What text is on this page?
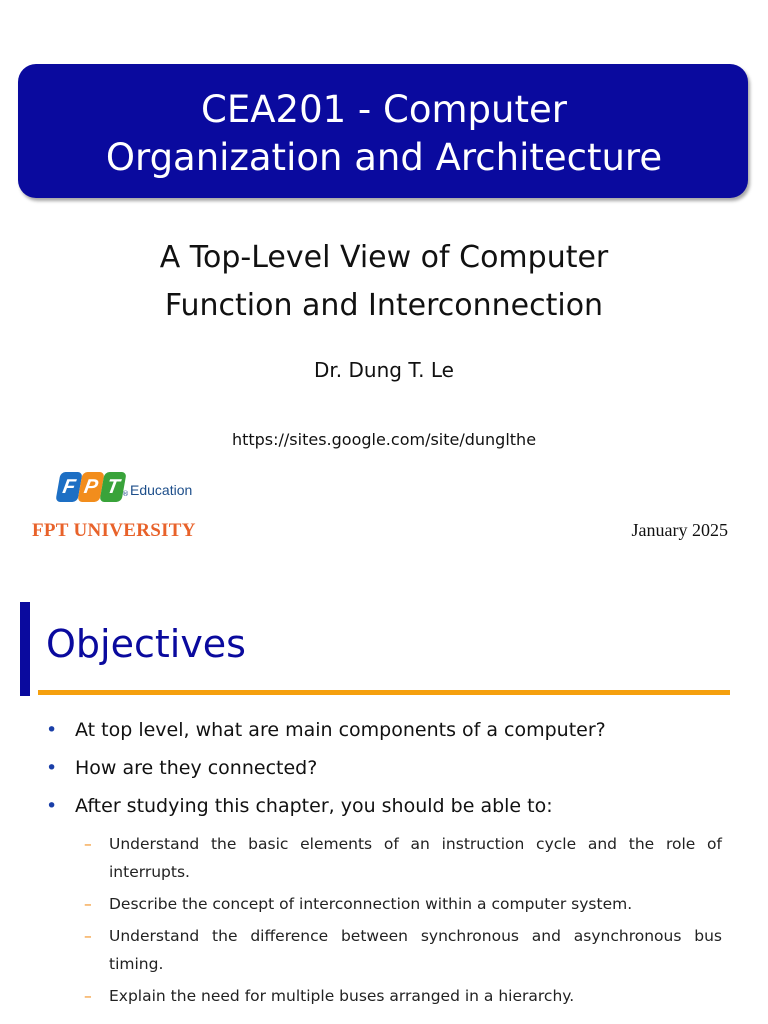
CEA201 - Computer
Organization and Architecture
A Top-Level View of Computer
Function and Interconnection
Dr. Dung T. Le
https://sites.google.com/site/dunglthe
F P T ® Education
FPT UNIVERSITY	January 2025
Objectives
• At top level, what are main components of a computer?
• How are they connected?
• After studying this chapter, you should be able to:
– Understand the basic elements of an instruction cycle and the role of interrupts.
– Describe the concept of interconnection within a computer system.
– Understand the difference between synchronous and asynchronous bus timing.
– Explain the need for multiple buses arranged in a hierarchy.
